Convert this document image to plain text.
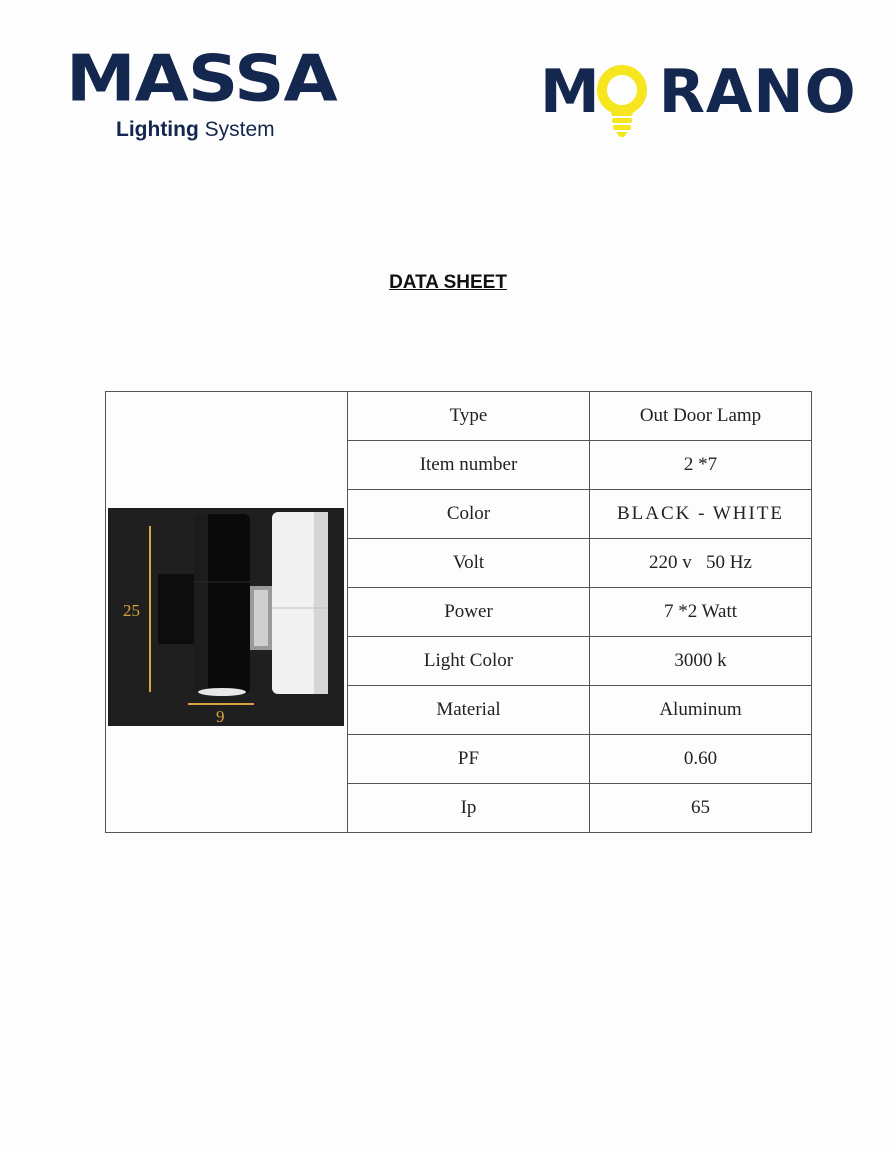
MASSA
Lighting System
M RANO
DATA SHEET
25
9	Type	Out Door Lamp
	Item number	2 *7
	Color	BLACK - WHITE
	Volt	220 v   50 Hz
	Power	7 *2 Watt
	Light Color	3000 k
	Material	Aluminum
	PF	0.60
	Ip	65
